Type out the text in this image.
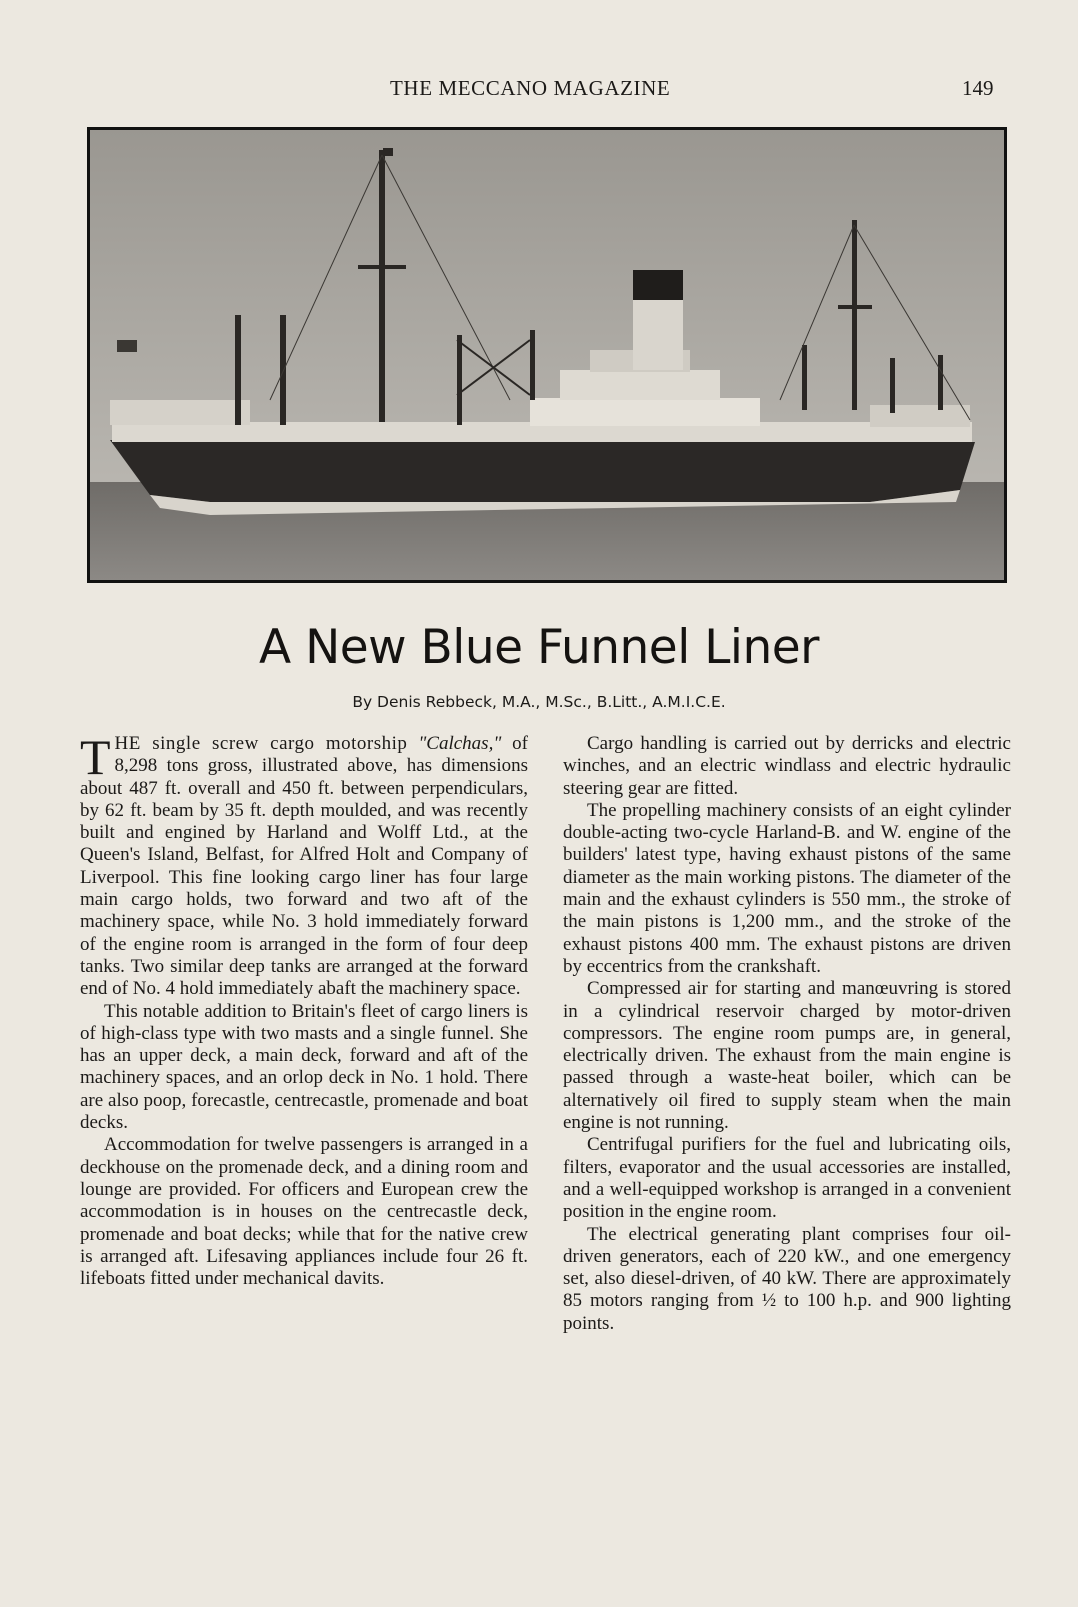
THE MECCANO MAGAZINE	149
A New Blue Funnel Liner
By Denis Rebbeck, M.A., M.Sc., B.Litt., A.M.I.C.E.

THE single screw cargo motorship "Calchas," of 8,298 tons gross, illustrated above, has dimensions about 487 ft. overall and 450 ft. between perpendiculars, by 62 ft. beam by 35 ft. depth moulded, and was recently built and engined by Harland and Wolff Ltd., at the Queen's Island, Belfast, for Alfred Holt and Company of Liverpool. This fine looking cargo liner has four large main cargo holds, two forward and two aft of the machinery space, while No. 3 hold immediately forward of the engine room is arranged in the form of four deep tanks. Two similar deep tanks are arranged at the forward end of No. 4 hold immediately abaft the machinery space.

This notable addition to Britain's fleet of cargo liners is of high-class type with two masts and a single funnel. She has an upper deck, a main deck, forward and aft of the machinery spaces, and an orlop deck in No. 1 hold. There are also poop, forecastle, centrecastle, promenade and boat decks.

Accommodation for twelve passengers is arranged in a deckhouse on the promenade deck, and a dining room and lounge are provided. For officers and European crew the accommodation is in houses on the centrecastle deck, promenade and boat decks; while that for the native crew is arranged aft. Lifesaving appliances include four 26 ft. lifeboats fitted under mechanical davits.

Cargo handling is carried out by derricks and electric winches, and an electric windlass and electric hydraulic steering gear are fitted.

The propelling machinery consists of an eight cylinder double-acting two-cycle Harland-B. and W. engine of the builders' latest type, having exhaust pistons of the same diameter as the main working pistons. The diameter of the main and the exhaust cylinders is 550 mm., the stroke of the main pistons is 1,200 mm., and the stroke of the exhaust pistons 400 mm. The exhaust pistons are driven by eccentrics from the crankshaft.

Compressed air for starting and manœuvring is stored in a cylindrical reservoir charged by motor-driven compressors. The engine room pumps are, in general, electrically driven. The exhaust from the main engine is passed through a waste-heat boiler, which can be alternatively oil fired to supply steam when the main engine is not running.

Centrifugal purifiers for the fuel and lubricating oils, filters, evaporator and the usual accessories are installed, and a well-equipped workshop is arranged in a convenient position in the engine room.

The electrical generating plant comprises four oil-driven generators, each of 220 kW., and one emergency set, also diesel-driven, of 40 kW. There are approximately 85 motors ranging from ½ to 100 h.p. and 900 lighting points.
